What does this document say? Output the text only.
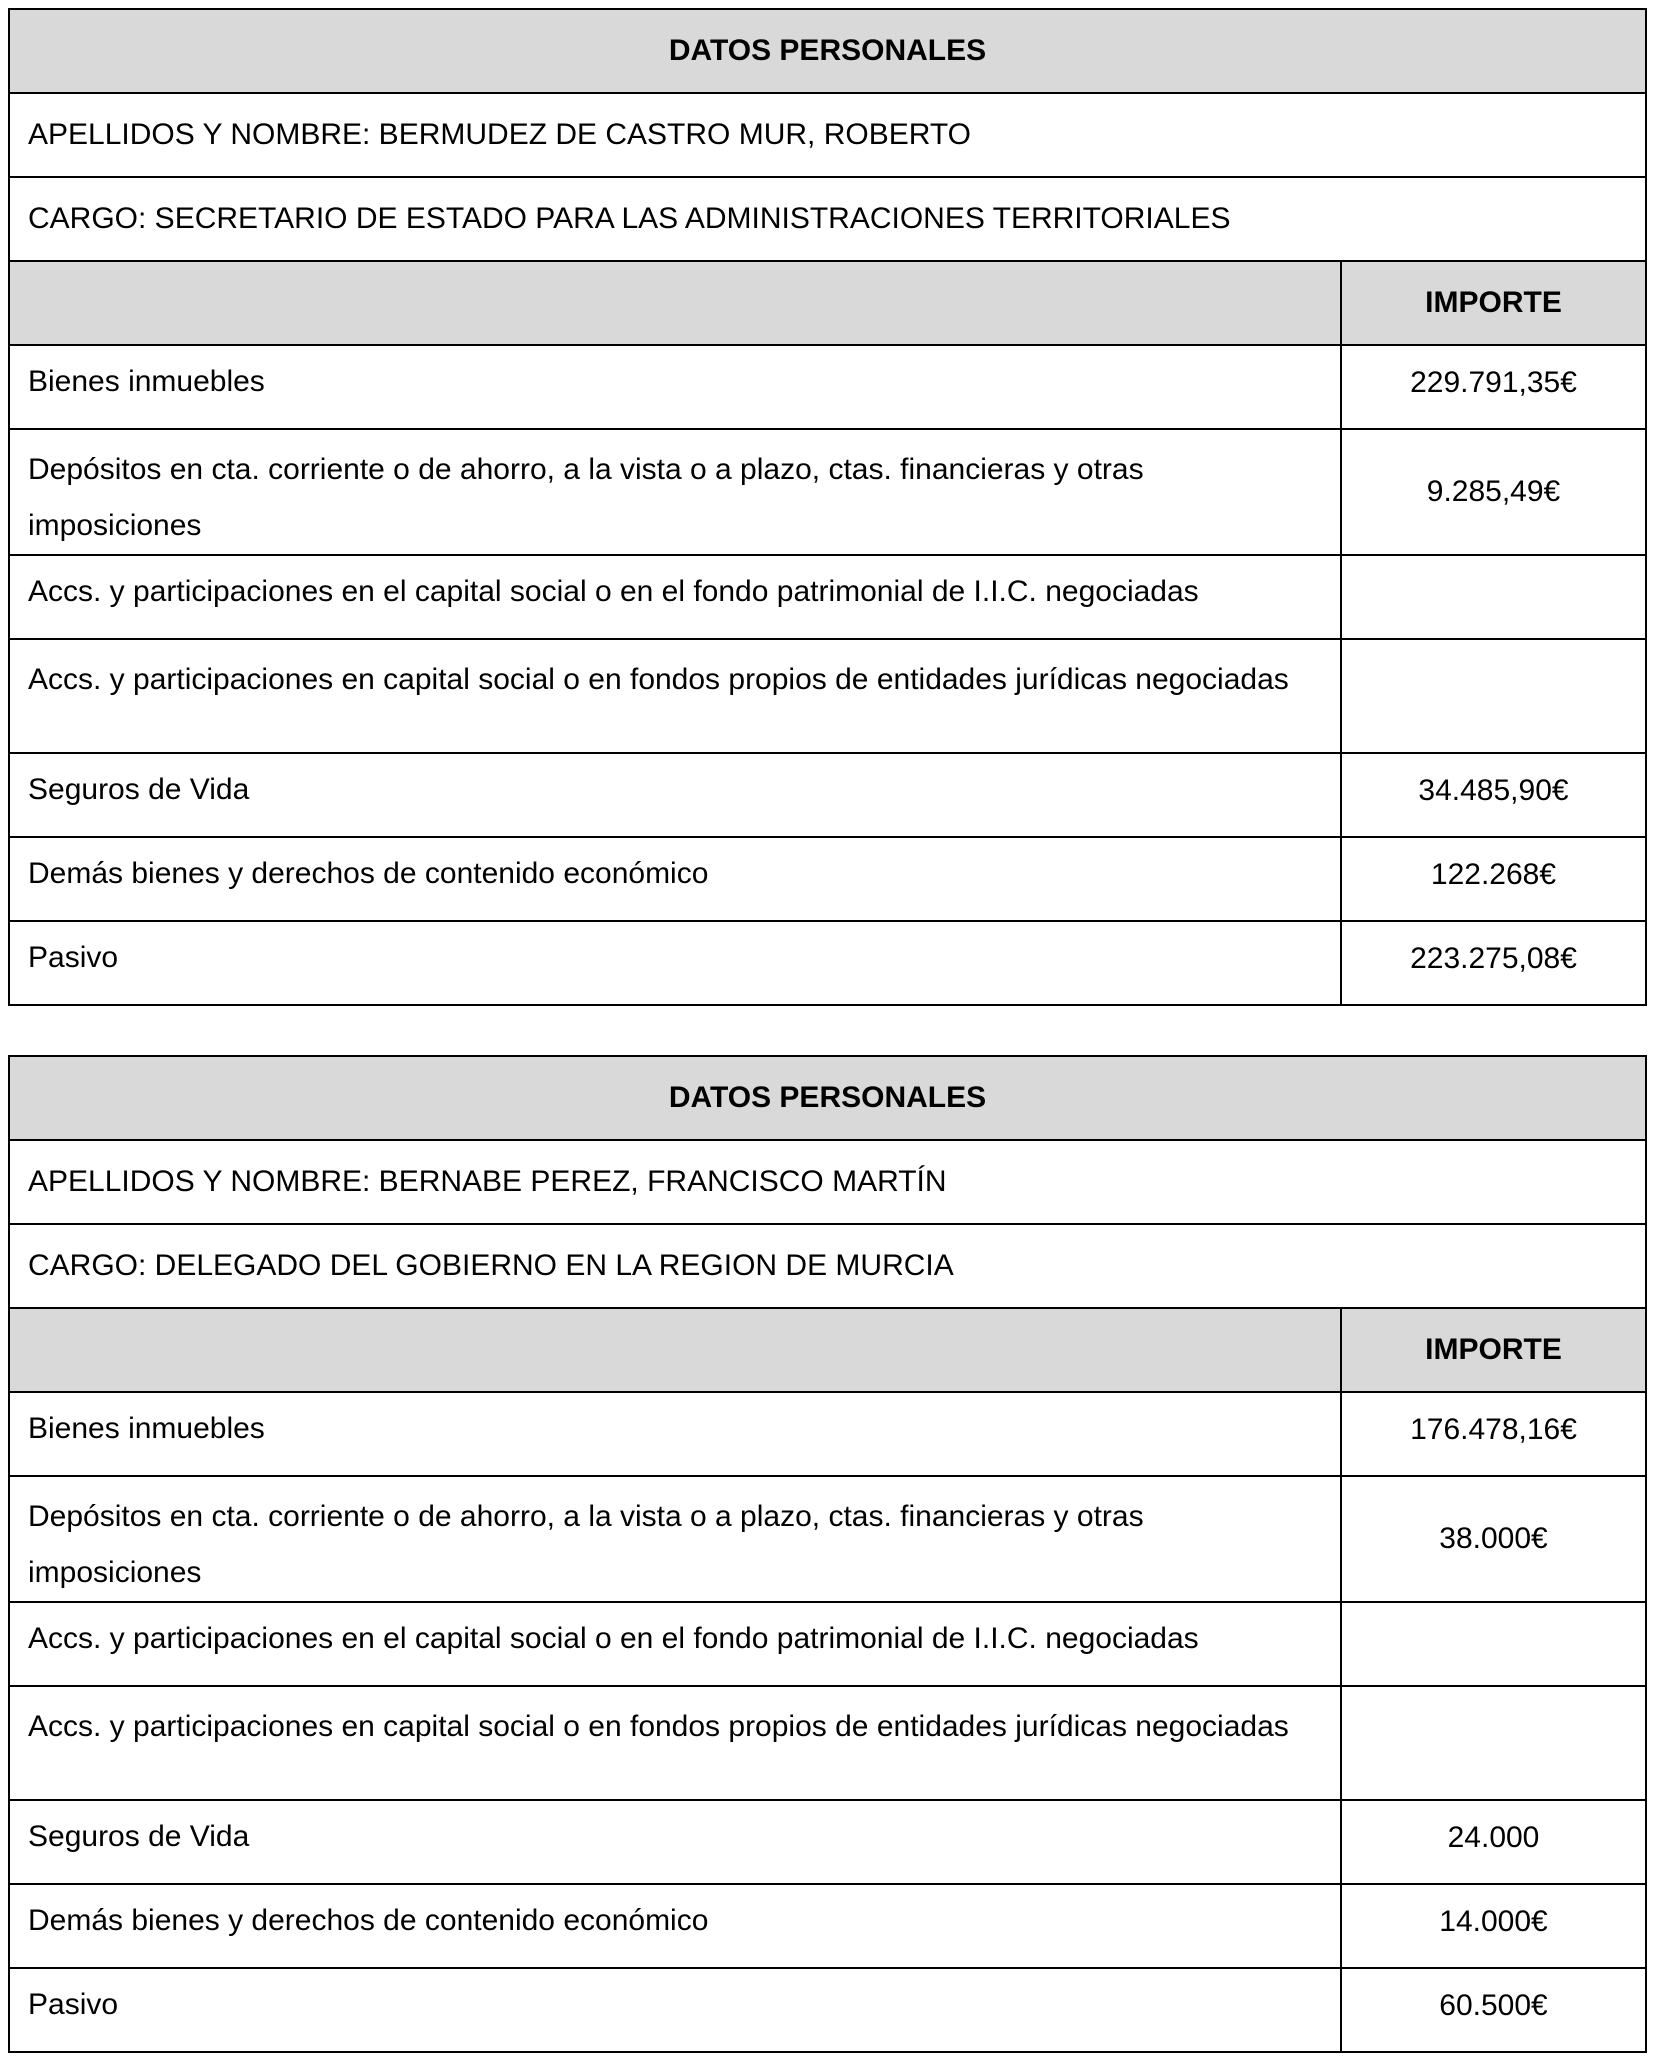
DATOS PERSONALES	
APELLIDOS Y NOMBRE: BERMUDEZ DE CASTRO MUR, ROBERTO	
CARGO: SECRETARIO DE ESTADO PARA LAS ADMINISTRACIONES TERRITORIALES	
	IMPORTE
Bienes inmuebles	229.791,35€
Depósitos en cta. corriente o de ahorro, a la vista o a plazo, ctas. financieras y otras imposiciones	9.285,49€
Accs. y participaciones en el capital social o en el fondo patrimonial de I.I.C. negociadas	
Accs. y participaciones en capital social o en fondos propios de entidades jurídicas negociadas	
Seguros de Vida	34.485,90€
Demás bienes y derechos de contenido económico	122.268€
Pasivo	223.275,08€
DATOS PERSONALES	
APELLIDOS Y NOMBRE: BERNABE PEREZ, FRANCISCO MARTÍN	
CARGO: DELEGADO DEL GOBIERNO EN LA REGION DE MURCIA	
	IMPORTE
Bienes inmuebles	176.478,16€
Depósitos en cta. corriente o de ahorro, a la vista o a plazo, ctas. financieras y otras imposiciones	38.000€
Accs. y participaciones en el capital social o en el fondo patrimonial de I.I.C. negociadas	
Accs. y participaciones en capital social o en fondos propios de entidades jurídicas negociadas	
Seguros de Vida	24.000
Demás bienes y derechos de contenido económico	14.000€
Pasivo	60.500€
